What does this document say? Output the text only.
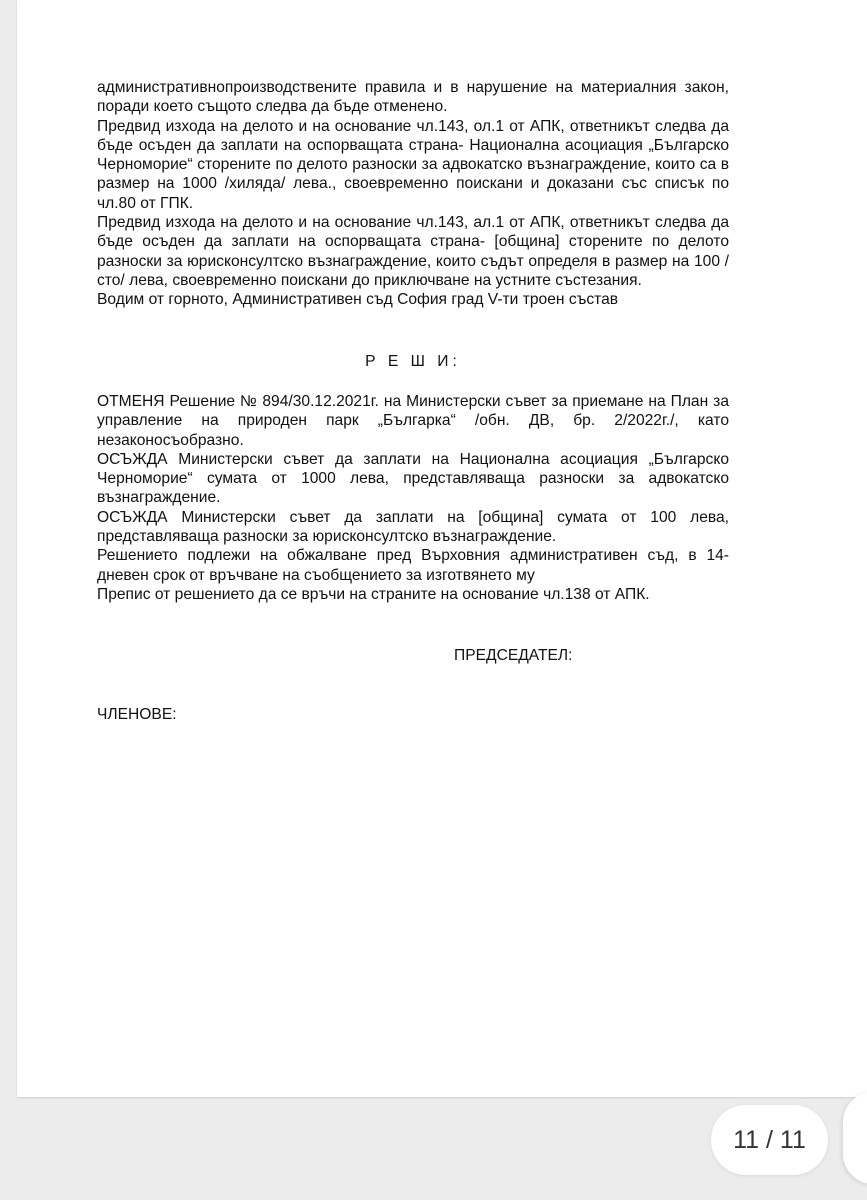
административнопроизводствените правила и в нарушение на материалния закон, поради което същото следва да бъде отменено.

Предвид изхода на делото и на основание чл.143, ол.1 от АПК, ответникът следва да бъде осъден да заплати на оспорващата страна- Национална асоциация „Българско Черноморие“ сторените по делото разноски за адвокатско възнаграждение, които са в размер на 1000 /хиляда/ лева., своевременно поискани и доказани със списък по чл.80 от ГПК.

Предвид изхода на делото и на основание чл.143, ал.1 от АПК, ответникът следва да бъде осъден да заплати на оспорващата страна- [община] сторените по делото разноски за юрисконсултско възнаграждение, които съдът определя в размер на 100 /сто/ лева, своевременно поискани до приключване на устните състезания.

Водим от горното, Административен съд София град V-ти троен състав

Р Е Ш И:

ОТМЕНЯ Решение № 894/30.12.2021г. на Министерски съвет за приемане на План за управление на природен парк „Българка“ /обн. ДВ, бр. 2/2022г./, като незаконосъобразно.

ОСЪЖДА Министерски съвет да заплати на Национална асоциация „Българско Черноморие“ сумата от 1000 лева, представляваща разноски за адвокатско възнаграждение.

ОСЪЖДА Министерски съвет да заплати на [община] сумата от 100 лева, представляваща разноски за юрисконсултско възнаграждение.

Решението подлежи на обжалване пред Върховния административен съд, в 14-дневен срок от връчване на съобщението за изготвянето му

Препис от решението да се връчи на страните на основание чл.138 от АПК.

ПРЕДСЕДАТЕЛ:
ЧЛЕНОВЕ:
11 / 11
